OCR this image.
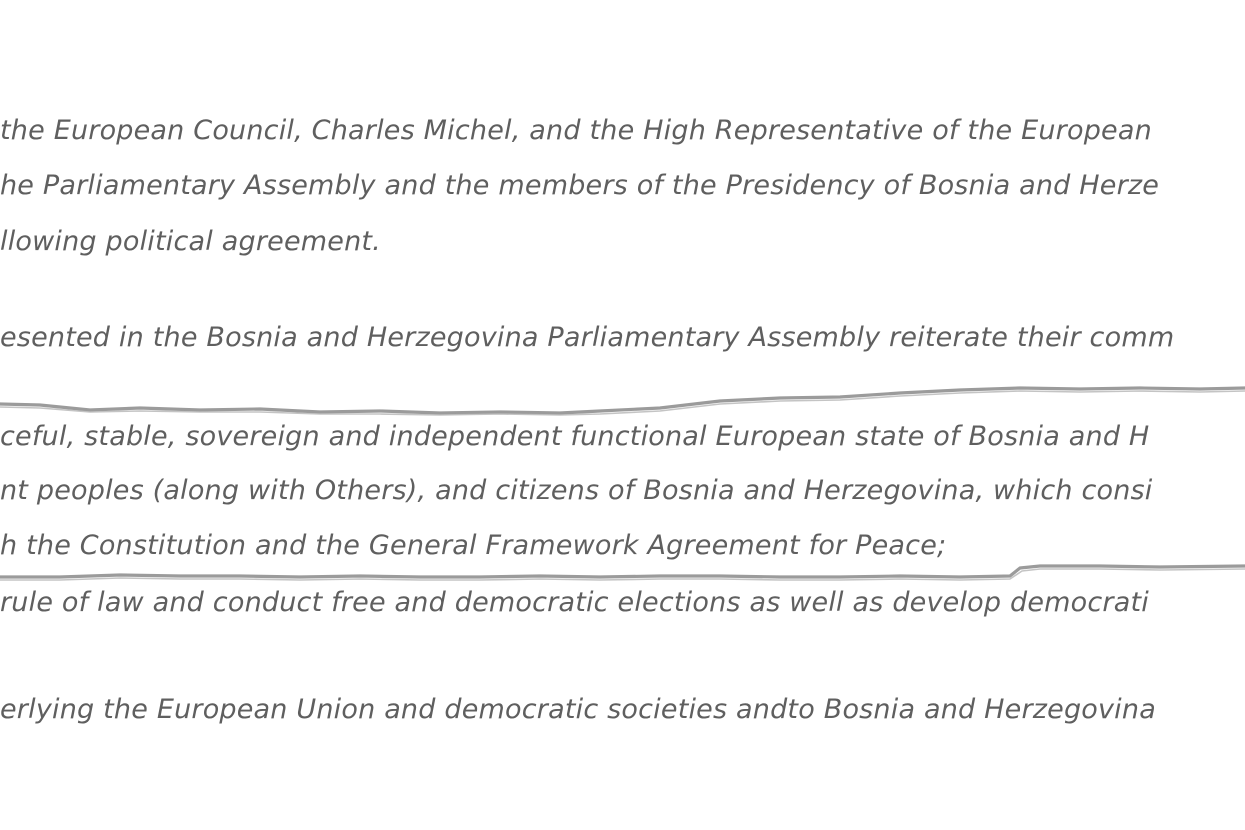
the European Council, Charles Michel, and the High Representative of the European
he Parliamentary Assembly and the members of the Presidency of Bosnia and Herze
llowing political agreement.
esented in the Bosnia and Herzegovina Parliamentary Assembly reiterate their comm
ceful, stable, sovereign and independent functional European state of Bosnia and H
nt peoples (along with Others), and citizens of Bosnia and Herzegovina, which consi
h the Constitution and the General Framework Agreement for Peace;
rule of law and conduct free and democratic elections as well as develop democrati
erlying the European Union and democratic societies andto Bosnia and Herzegovina
